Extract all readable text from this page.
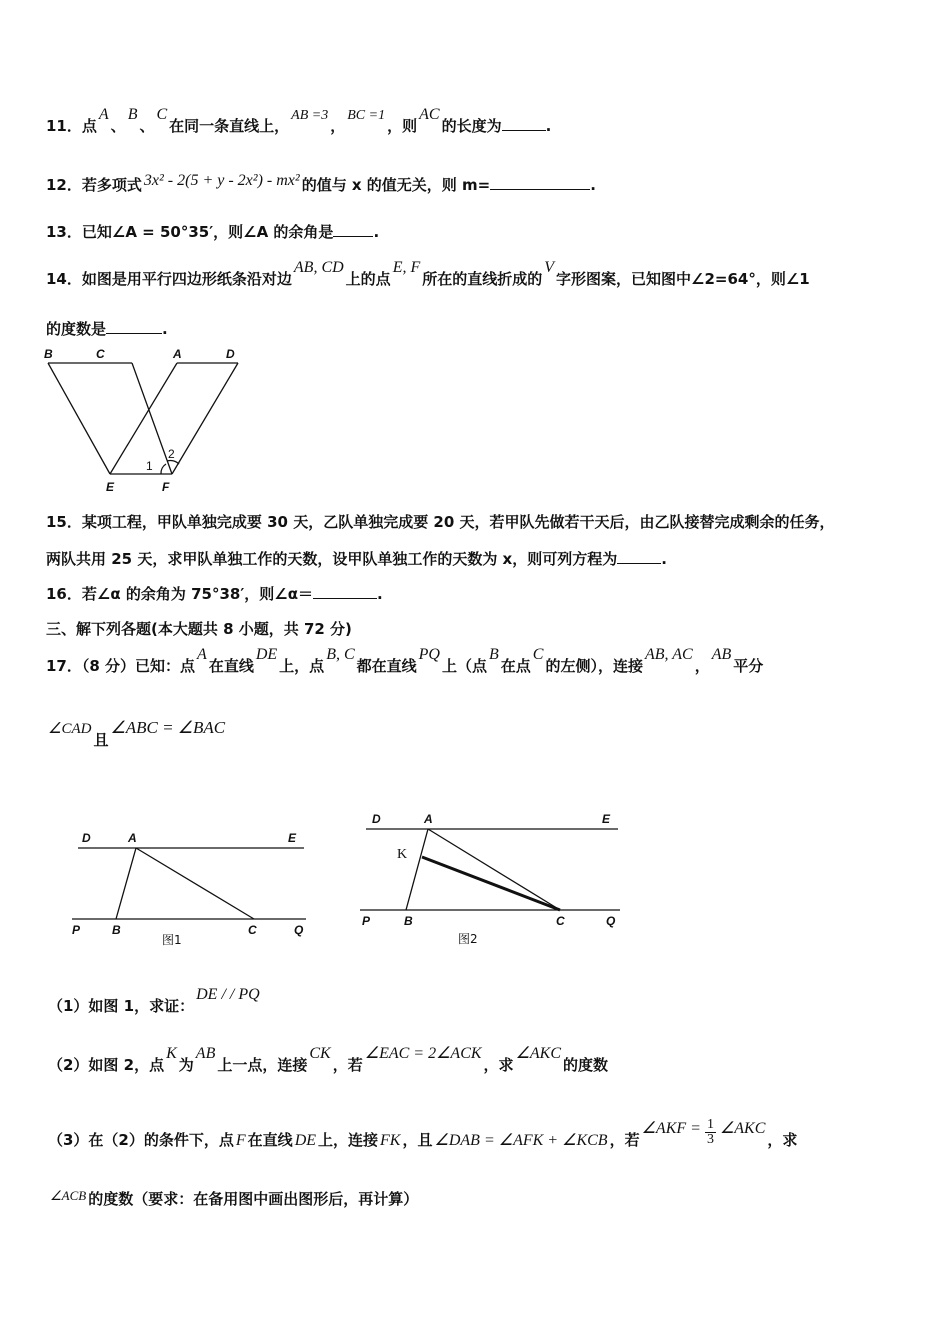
11．点A、B、C在同一条直线上，AB =3，BC =1，则AC的长度为	.
12．若多项式 3x² - 2(5 + y - 2x²) - mx² 的值与 x 的值无关，则 m=	.
13．已知∠A = 50°35′，则∠A 的余角是	.
14．如图是用平行四边形纸条沿对边AB, CD上的点E, F所在的直线折成的V字形图案，已知图中∠2=64°，则∠1
的度数是	.
B	C	A	D
E	F
1
2
15．某项工程，甲队单独完成要 30 天，乙队单独完成要 20 天，若甲队先做若干天后，由乙队接替完成剩余的任务，
两队共用 25 天，求甲队单独工作的天数，设甲队单独工作的天数为 x，则可列方程为	.
16．若∠α 的余角为 75°38′，则∠α＝	.
三、解下列各题(本大题共 8 小题，共 72 分)
17．（8 分）已知：点A在直线DE上，点B, C都在直线PQ上（点B在点C的左侧），连接AB, AC，AB平分
∠CAD且∠ABC = ∠BAC
D	A	E
P	B	C	Q
图1
D	A	E
K
P	B	C	Q
图2
（1）如图 1，求证：DE / / PQ
（2）如图 2，点K为AB上一点，连接CK，若∠EAC = 2∠ACK，求∠AKC的度数
（3）在（2）的条件下，点 F 在直线 DE 上，连接 FK ，且 ∠DAB = ∠AFK + ∠KCB ，若∠AKF = $\frac{1}{3}$ ∠AKC，求
∠ACB 的度数（要求：在备用图中画出图形后，再计算）
